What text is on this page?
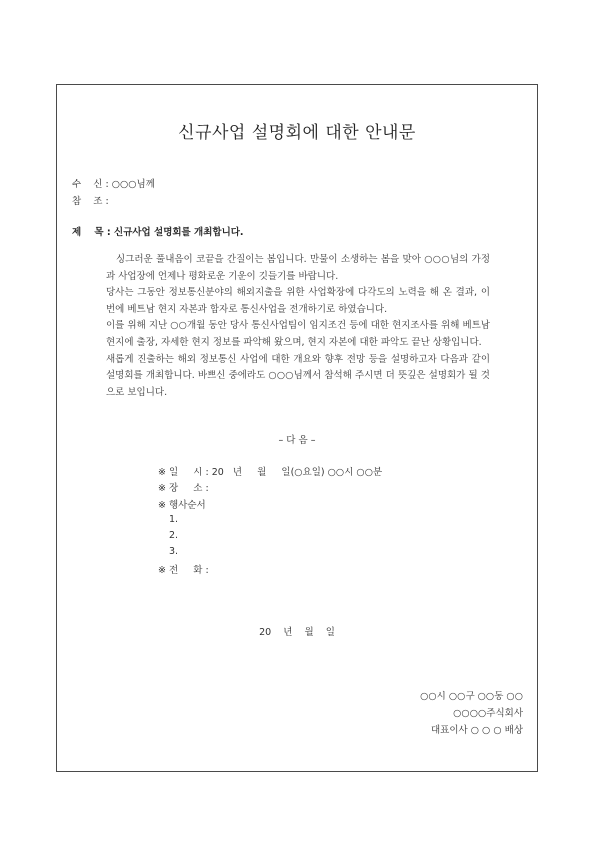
신규사업 설명회에 대한 안내문
수    신 : ○○○님께
참    조 :
제    목 : 신규사업 설명회를 개최합니다.

싱그러운 풀내음이 코끝을 간질이는 봄입니다. 만물이 소생하는 봄을 맞아 ○○○님의 가정과 사업장에 언제나 평화로운 기운이 깃들기를 바랍니다.

당사는 그동안 정보통신분야의 해외지출을 위한 사업확장에 다각도의 노력을 해 온 결과, 이번에 베트남 현지 자본과 합자로 통신사업을 전개하기로 하였습니다.

이를 위해 지난 ○○개월 동안 당사 통신사업팀이 임지조건 등에 대한 현지조사를 위해 베트남 현지에 출장, 자세한 현지 정보를 파악해 왔으며, 현지 자본에 대한 파악도 끝난 상황입니다.

새롭게 진출하는 해외 정보통신 사업에 대한 개요와 향후 전망 등을 설명하고자 다음과 같이 설명회를 개최합니다. 바쁘신 중에라도 ○○○님께서 참석해 주시면 더 뜻깊은 설명회가 될 것으로 보입니다.

– 다 음 –
※ 일     시 : 20   년     월     일(○요일) ○○시 ○○분
※ 장     소 :
※ 행사순서
1.
2.
3.
※ 전     화 :
20    년    월    일
○○시 ○○구 ○○동 ○○
○○○○주식회사
대표이사 ○ ○ ○ 배상
